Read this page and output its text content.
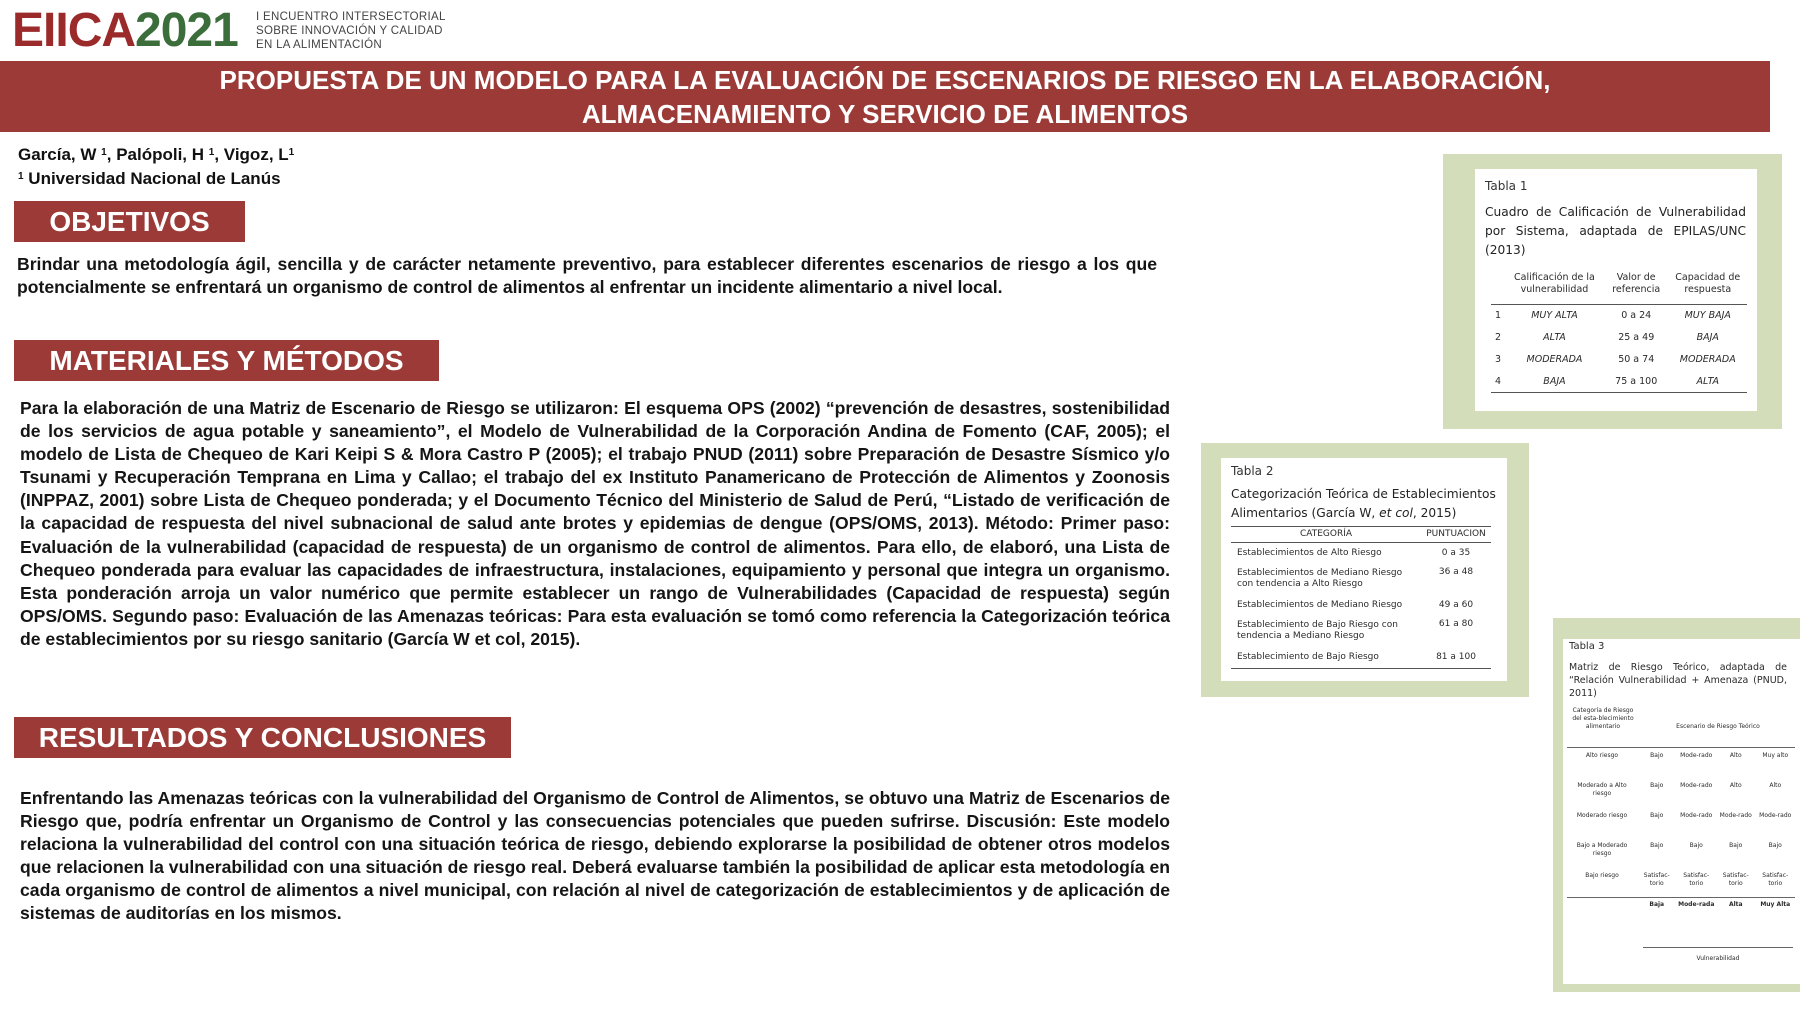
EIICA2021 I ENCUENTRO INTERSECTORIAL
SOBRE INNOVACIÓN Y CALIDAD
EN LA ALIMENTACIÓN
PROPUESTA DE UN MODELO PARA LA EVALUACIÓN DE ESCENARIOS DE RIESGO EN LA ELABORACIÓN,
ALMACENAMIENTO Y SERVICIO DE ALIMENTOS
García, W $^1$, Palópoli, H $^1$, Vigoz, $L^1$
$^1$ Universidad Nacional de Lanús
OBJETIVOS
Brindar una metodología ágil, sencilla y de carácter netamente preventivo, para establecer diferentes escenarios de riesgo a los que potencialmente se enfrentará un organismo de control de alimentos al enfrentar un incidente alimentario a nivel local.
MATERIALES Y MÉTODOS
Para la elaboración de una Matriz de Escenario de Riesgo se utilizaron: El esquema OPS (2002) “prevención de desastres, sostenibilidad de los servicios de agua potable y saneamiento”, el Modelo de Vulnerabilidad de la Corporación Andina de Fomento (CAF, 2005); el modelo de Lista de Chequeo de Kari Keipi S & Mora Castro P (2005); el trabajo PNUD (2011) sobre Preparación de Desastre Sísmico y/o Tsunami y Recuperación Temprana en Lima y Callao; el trabajo del ex Instituto Panamericano de Protección de Alimentos y Zoonosis (INPPAZ, 2001) sobre Lista de Chequeo ponderada; y el Documento Técnico del Ministerio de Salud de Perú, “Listado de verificación de la capacidad de respuesta del nivel subnacional de salud ante brotes y epidemias de dengue (OPS/OMS, 2013). Método: Primer paso: Evaluación de la vulnerabilidad (capacidad de respuesta) de un organismo de control de alimentos. Para ello, de elaboró, una Lista de Chequeo ponderada para evaluar las capacidades de infraestructura, instalaciones, equipamiento y personal que integra un organismo. Esta ponderación arroja un valor numérico que permite establecer un rango de Vulnerabilidades (Capacidad de respuesta) según OPS/OMS. Segundo paso: Evaluación de las Amenazas teóricas: Para esta evaluación se tomó como referencia la Categorización teórica de establecimientos por su riesgo sanitario (García W et col, 2015).
RESULTADOS Y CONCLUSIONES
Enfrentando las Amenazas teóricas con la vulnerabilidad del Organismo de Control de Alimentos, se obtuvo una Matriz de Escenarios de Riesgo que, podría enfrentar un Organismo de Control y las consecuencias potenciales que pueden sufrirse. Discusión: Este modelo relaciona la vulnerabilidad del control con una situación teórica de riesgo, debiendo explorarse la posibilidad de obtener otros modelos que relacionen la vulnerabilidad con una situación de riesgo real. Deberá evaluarse también la posibilidad de aplicar esta metodología en cada organismo de control de alimentos a nivel municipal, con relación al nivel de categorización de establecimientos y de aplicación de sistemas de auditorías en los mismos.
Tabla 1
Cuadro de Calificación de Vulnerabilidad por Sistema, adaptada de EPILAS/UNC (2013)
	Calificación de la vulnerabilidad	Valor de referencia	Capacidad de respuesta
1	MUY ALTA	0 a 24	MUY BAJA
2	ALTA	25 a 49	BAJA
3	MODERADA	50 a 74	MODERADA
4	BAJA	75 a 100	ALTA
Tabla 2
Categorización Teórica de Establecimientos Alimentarios (García W, et col, 2015)
CATEGORÍA	PUNTUACION
Establecimientos de Alto Riesgo	0 a 35
Establecimientos de Mediano Riesgo con tendencia a Alto Riesgo	36 a 48
Establecimientos de Mediano Riesgo	49 a 60
Establecimiento de Bajo Riesgo con tendencia a Mediano Riesgo	61 a 80
Establecimiento de Bajo Riesgo	81 a 100
Tabla 3
Matriz de Riesgo Teórico, adaptada de “Relación Vulnerabilidad + Amenaza (PNUD, 2011)
Categoría de Riesgo del esta-blecimiento alimentario	Escenario de Riesgo Teórico
Alto riesgo	Bajo	Mode-rado	Alto	Muy alto
Moderado a Alto riesgo	Bajo	Mode-rado	Alto	Alto
Moderado riesgo	Bajo	Mode-rado	Mode-rado	Mode-rado
Bajo a Moderado riesgo	Bajo	Bajo	Bajo	Bajo
Bajo riesgo	Satisfac-torio	Satisfac-torio	Satisfac-torio	Satisfac-torio
	Baja	Mode-rada	Alta	Muy Alta
Vulnerabilidad
